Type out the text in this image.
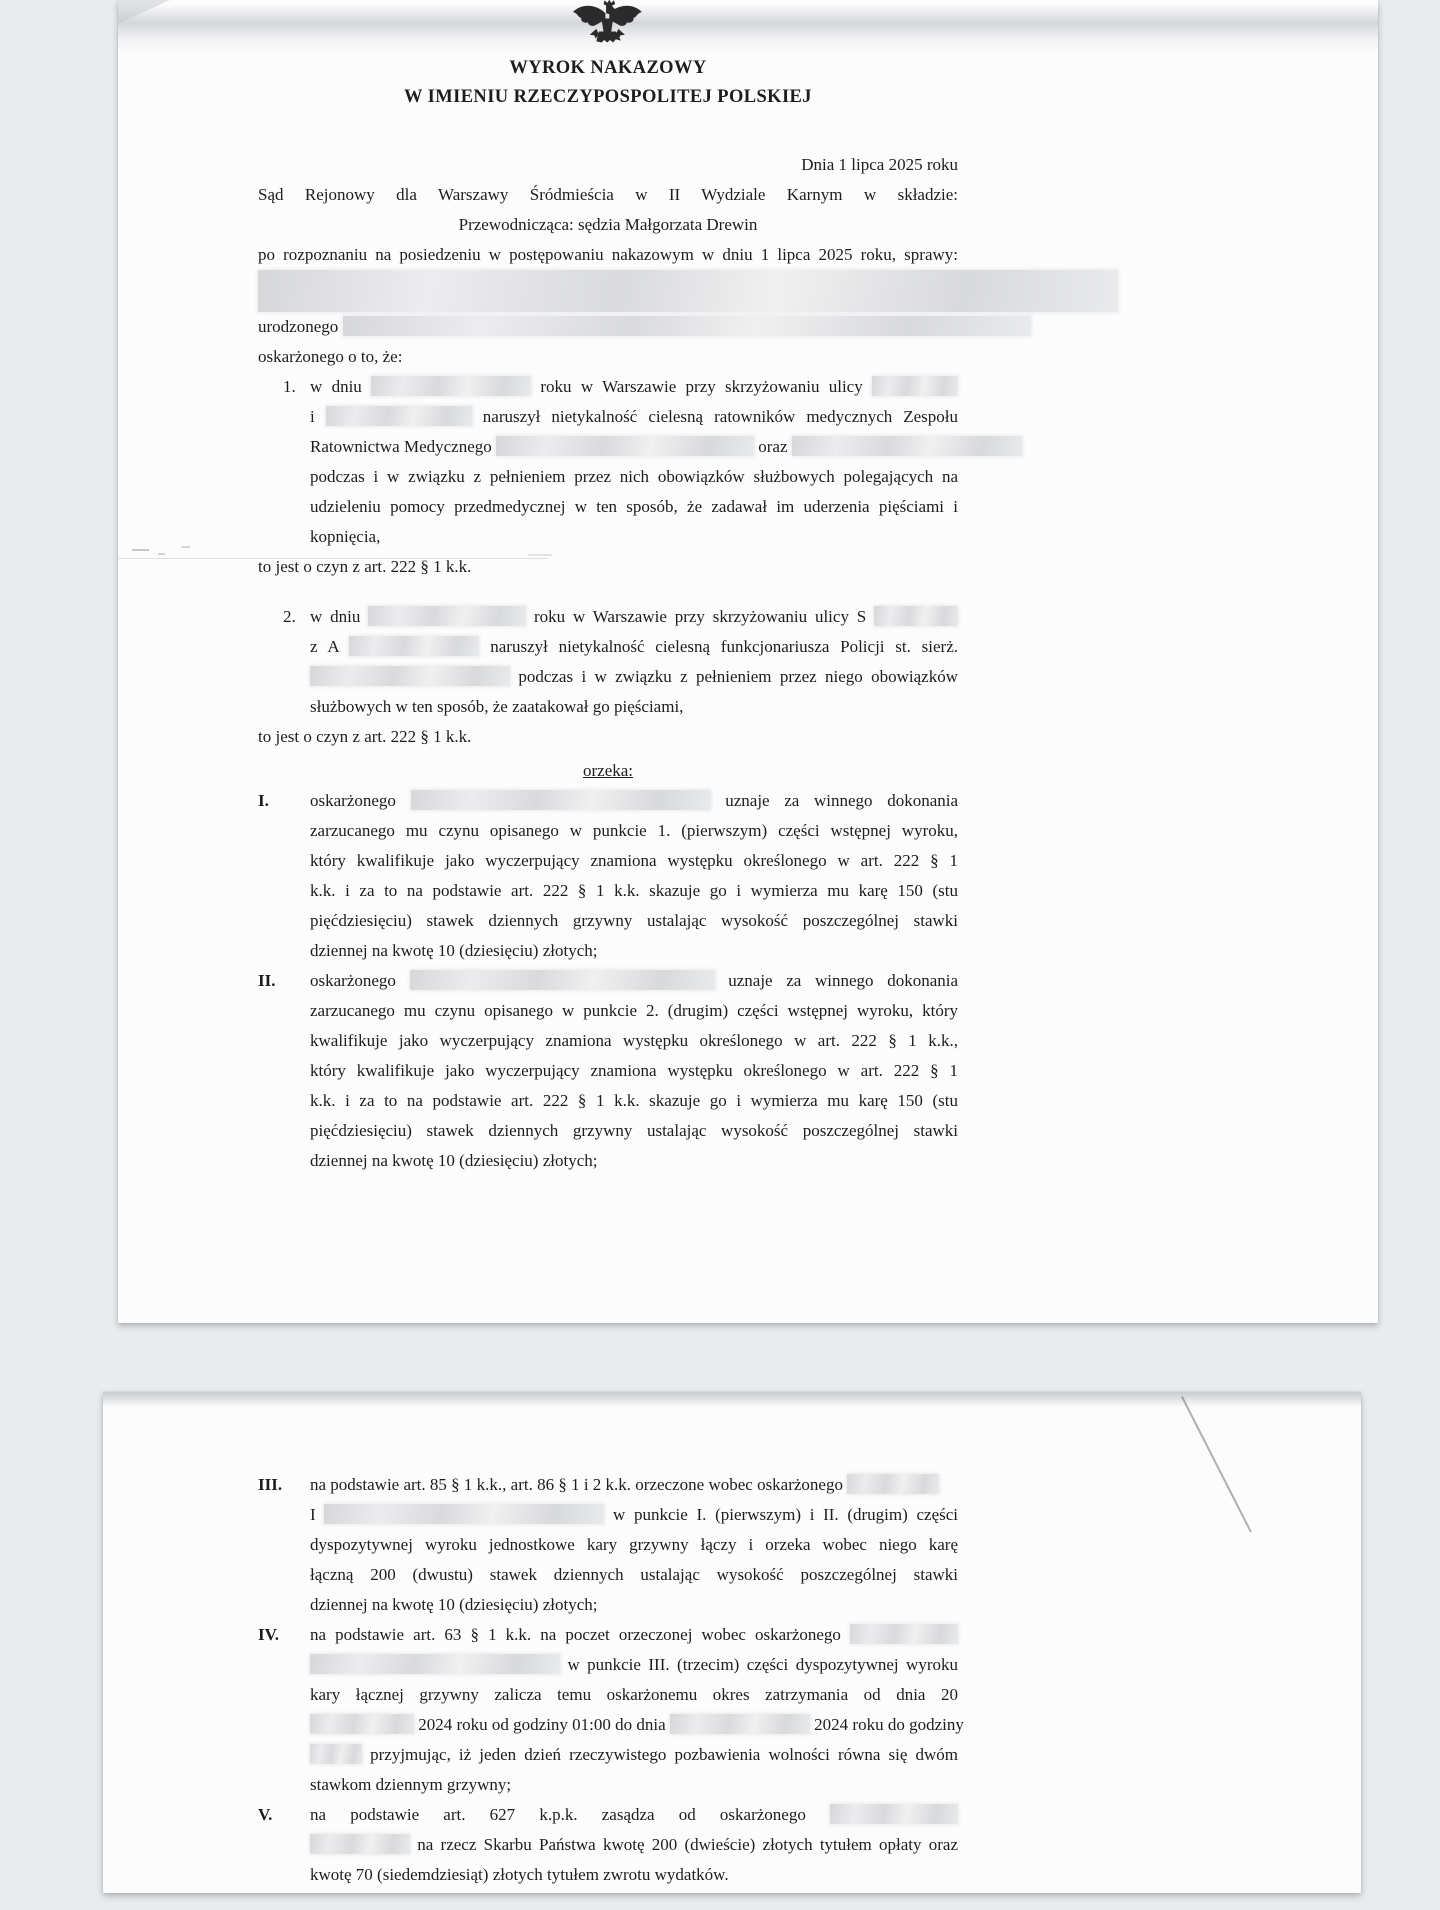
WYROK NAKAZOWY
W IMIENIU RZECZYPOSPOLITEJ POLSKIEJ
Dnia 1 lipca 2025 roku
Sąd Rejonowy dla Warszawy Śródmieścia w II Wydziale Karnym w składzie:
Przewodnicząca: sędzia Małgorzata Drewin
po rozpoznaniu na posiedzeniu w postępowaniu nakazowym w dniu 1 lipca 2025 roku, sprawy:
urodzonego
oskarżonego o to, że:
1. w dniu	roku w Warszawie przy skrzyżowaniu ulicy
i	naruszył nietykalność cielesną ratowników medycznych Zespołu
Ratownictwa Medycznego	oraz
podczas i w związku z pełnieniem przez nich obowiązków służbowych polegających na
udzieleniu pomocy przedmedycznej w ten sposób, że zadawał im uderzenia pięściami i
kopnięcia,
to jest o czyn z art. 222 § 1 k.k.
2. w dniu	roku w Warszawie przy skrzyżowaniu ulicy S
z A	naruszył nietykalność cielesną funkcjonariusza Policji st. sierż.
podczas i w związku z pełnieniem przez niego obowiązków
służbowych w ten sposób, że zaatakował go pięściami,
to jest o czyn z art. 222 § 1 k.k.
orzeka:
I. oskarżonego	uznaje za winnego dokonania
zarzucanego mu czynu opisanego w punkcie 1. (pierwszym) części wstępnej wyroku,
który kwalifikuje jako wyczerpujący znamiona występku określonego w art. 222 § 1
k.k. i za to na podstawie art. 222 § 1 k.k. skazuje go i wymierza mu karę 150 (stu
pięćdziesięciu) stawek dziennych grzywny ustalając wysokość poszczególnej stawki
dziennej na kwotę 10 (dziesięciu) złotych;
II. oskarżonego	uznaje za winnego dokonania
zarzucanego mu czynu opisanego w punkcie 2. (drugim) części wstępnej wyroku, który
kwalifikuje jako wyczerpujący znamiona występku określonego w art. 222 § 1 k.k.,
który kwalifikuje jako wyczerpujący znamiona występku określonego w art. 222 § 1
k.k. i za to na podstawie art. 222 § 1 k.k. skazuje go i wymierza mu karę 150 (stu
pięćdziesięciu) stawek dziennych grzywny ustalając wysokość poszczególnej stawki
dziennej na kwotę 10 (dziesięciu) złotych;
III. na podstawie art. 85 § 1 k.k., art. 86 § 1 i 2 k.k. orzeczone wobec oskarżonego
I	w punkcie I. (pierwszym) i II. (drugim) części
dyspozytywnej wyroku jednostkowe kary grzywny łączy i orzeka wobec niego karę
łączną 200 (dwustu) stawek dziennych ustalając wysokość poszczególnej stawki
dziennej na kwotę 10 (dziesięciu) złotych;
IV. na podstawie art. 63 § 1 k.k. na poczet orzeczonej wobec oskarżonego
w punkcie III. (trzecim) części dyspozytywnej wyroku
kary łącznej grzywny zalicza temu oskarżonemu okres zatrzymania od dnia 20
2024 roku od godziny 01:00 do dnia	2024 roku do godziny
przyjmując, iż jeden dzień rzeczywistego pozbawienia wolności równa się dwóm
stawkom dziennym grzywny;
V. na podstawie art. 627 k.p.k. zasądza od oskarżonego
na rzecz Skarbu Państwa kwotę 200 (dwieście) złotych tytułem opłaty oraz
kwotę 70 (siedemdziesiąt) złotych tytułem zwrotu wydatków.
